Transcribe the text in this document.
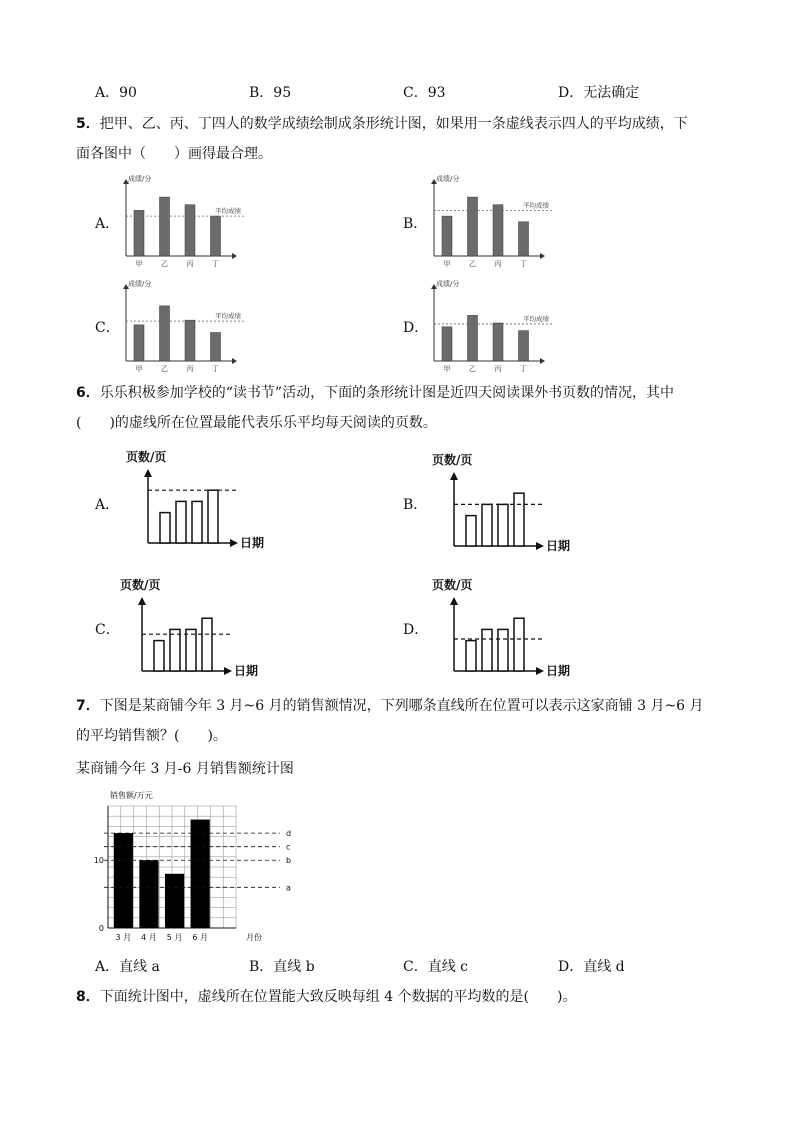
A．90	B．95	C．93	D．无法确定
5．把甲、乙、丙、丁四人的数学成绩绘制成条形统计图，如果用一条虚线表示四人的平均成绩，下
面各图中（　　）画得最合理。
A．	B．
C．	D．
成绩/分
甲	乙	丙	丁
平均成绩
成绩/分
甲	乙	丙	丁
平均成绩
成绩/分
甲	乙	丙	丁
平均成绩
成绩/分
甲	乙	丙	丁
平均成绩
6．乐乐积极参加学校的“读书节”活动，下面的条形统计图是近四天阅读课外书页数的情况，其中
(　　)的虚线所在位置最能代表乐乐平均每天阅读的页数。
A．	B．
C．	D．
页数/页
日期
页数/页
日期
页数/页
日期
页数/页
日期
7．下图是某商铺今年 3 月~6 月的销售额情况，下列哪条直线所在位置可以表示这家商铺 3 月~6 月
的平均销售额？(　　)。
某商铺今年 3 月-6 月销售额统计图
销售额/万元
月份
0
10
3 月 4 月 5 月 6 月
d
c
b
a
A．直线 a	B．直线 b	C．直线 c	D．直线 d
8．下面统计图中，虚线所在位置能大致反映每组 4 个数据的平均数的是(　　)。
